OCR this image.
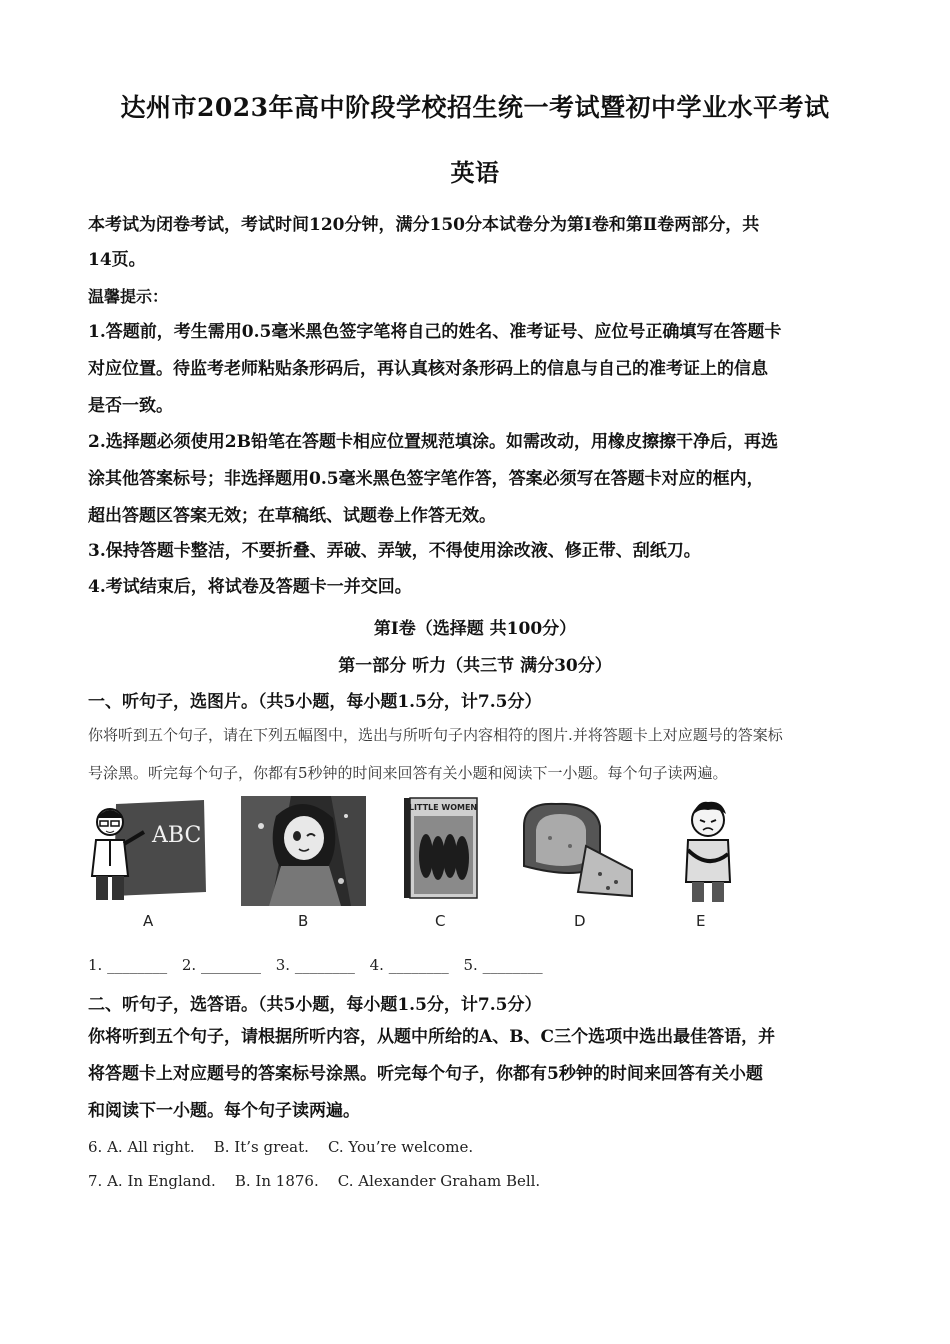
达州市2023年高中阶段学校招生统一考试暨初中学业水平考试
英语
本考试为闭卷考试，考试时间120分钟，满分150分本试卷分为第Ⅰ卷和第Ⅱ卷两部分，共
14页。
温馨提示：
1.答题前，考生需用0.5毫米黑色签字笔将自己的姓名、准考证号、应位号正确填写在答题卡
对应位置。待监考老师粘贴条形码后，再认真核对条形码上的信息与自己的准考证上的信息
是否一致。
2.选择题必须使用2B铅笔在答题卡相应位置规范填涂。如需改动，用橡皮擦擦干净后，再选
涂其他答案标号；非选择题用0.5毫米黑色签字笔作答，答案必须写在答题卡对应的框内，
超出答题区答案无效；在草稿纸、试题卷上作答无效。
3.保持答题卡整洁，不要折叠、弄破、弄皱，不得使用涂改液、修正带、刮纸刀。
4.考试结束后，将试卷及答题卡一并交回。
第Ⅰ卷（选择题 共100分）
第一部分 听力（共三节 满分30分）
一、听句子，选图片。（共5小题，每小题1.5分，计7.5分）
你将听到五个句子，请在下列五幅图中，选出与所听句子内容相符的图片.并将答题卡上对应题号的答案标
号涂黑。听完每个句子，你都有5秒钟的时间来回答有关小题和阅读下一小题。每个句子读两遍。
ABC
A	B
LITTLE WOMEN
C	D	E
1. ________ 2. ________ 3. ________ 4. ________ 5. ________
二、听句子，选答语。（共5小题，每小题1.5分，计7.5分）
你将听到五个句子，请根据所听内容，从题中所给的A、B、C三个选项中选出最佳答语，并
将答题卡上对应题号的答案标号涂黑。听完每个句子，你都有5秒钟的时间来回答有关小题
和阅读下一小题。每个句子读两遍。
6. A. All right.    B. It’s great.    C. You’re welcome.
7. A. In England.    B. In 1876.    C. Alexander Graham Bell.
